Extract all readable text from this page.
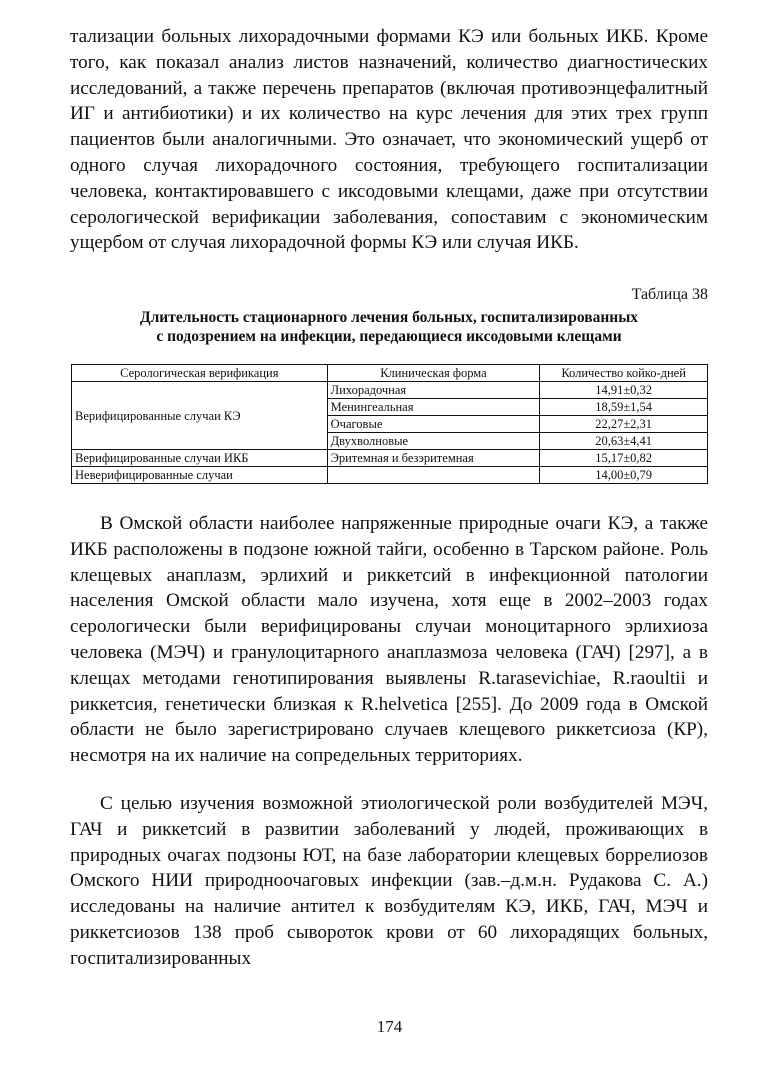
тализации больных лихорадочными формами КЭ или больных ИКБ. Кроме того, как показал анализ листов назначений, количество диагностических исследований, а также перечень препаратов (включая противоэнцефалитный ИГ и антибиотики) и их количество на курс лечения для этих трех групп пациентов были аналогичными. Это означает, что экономический ущерб от одного случая лихорадочного состояния, требующего госпитализации человека, контактировавшего с иксодовыми клещами, даже при отсутствии серологической верификации заболевания, сопоставим с экономическим ущербом от случая лихорадочной формы КЭ или случая ИКБ.

Таблица 38
Длительность стационарного лечения больных, госпитализированных
с подозрением на инфекции, передающиеся иксодовыми клещами
Серологическая верификация	Клиническая форма	Количество койко-дней
Верифицированные случаи КЭ	Лихорадочная	14,91±0,32
	Менингеальная	18,59±1,54
	Очаговые	22,27±2,31
	Двухволновые	20,63±4,41
Верифицированные случаи ИКБ	Эритемная и безэритемная	15,17±0,82
Неверифицированные случаи		14,00±0,79

В Омской области наиболее напряженные природные очаги КЭ, а также ИКБ расположены в подзоне южной тайги, особенно в Тарском районе. Роль клещевых анаплазм, эрлихий и риккетсий в инфекционной патологии населения Омской области мало изучена, хотя еще в 2002–2003 годах серологически были верифицированы случаи моноцитарного эрлихиоза человека (МЭЧ) и гранулоцитарного анаплазмоза человека (ГАЧ) [297], а в клещах методами генотипирования выявлены R.tarasevichiae, R.raoultii и риккетсия, генетически близкая к R.helvetica [255]. До 2009 года в Омской области не было зарегистрировано случаев клещевого риккетсиоза (КР), несмотря на их наличие на сопредельных территориях.

С целью изучения возможной этиологической роли возбудителей МЭЧ, ГАЧ и риккетсий в развитии заболеваний у людей, проживающих в природных очагах подзоны ЮТ, на базе лаборатории клещевых боррелиозов Омского НИИ природноочаговых инфекции (зав.–д.м.н. Рудакова С. А.) исследованы на наличие антител к возбудителям КЭ, ИКБ, ГАЧ, МЭЧ и риккетсиозов 138 проб сывороток крови от 60 лихорадящих больных, госпитализированных

174
